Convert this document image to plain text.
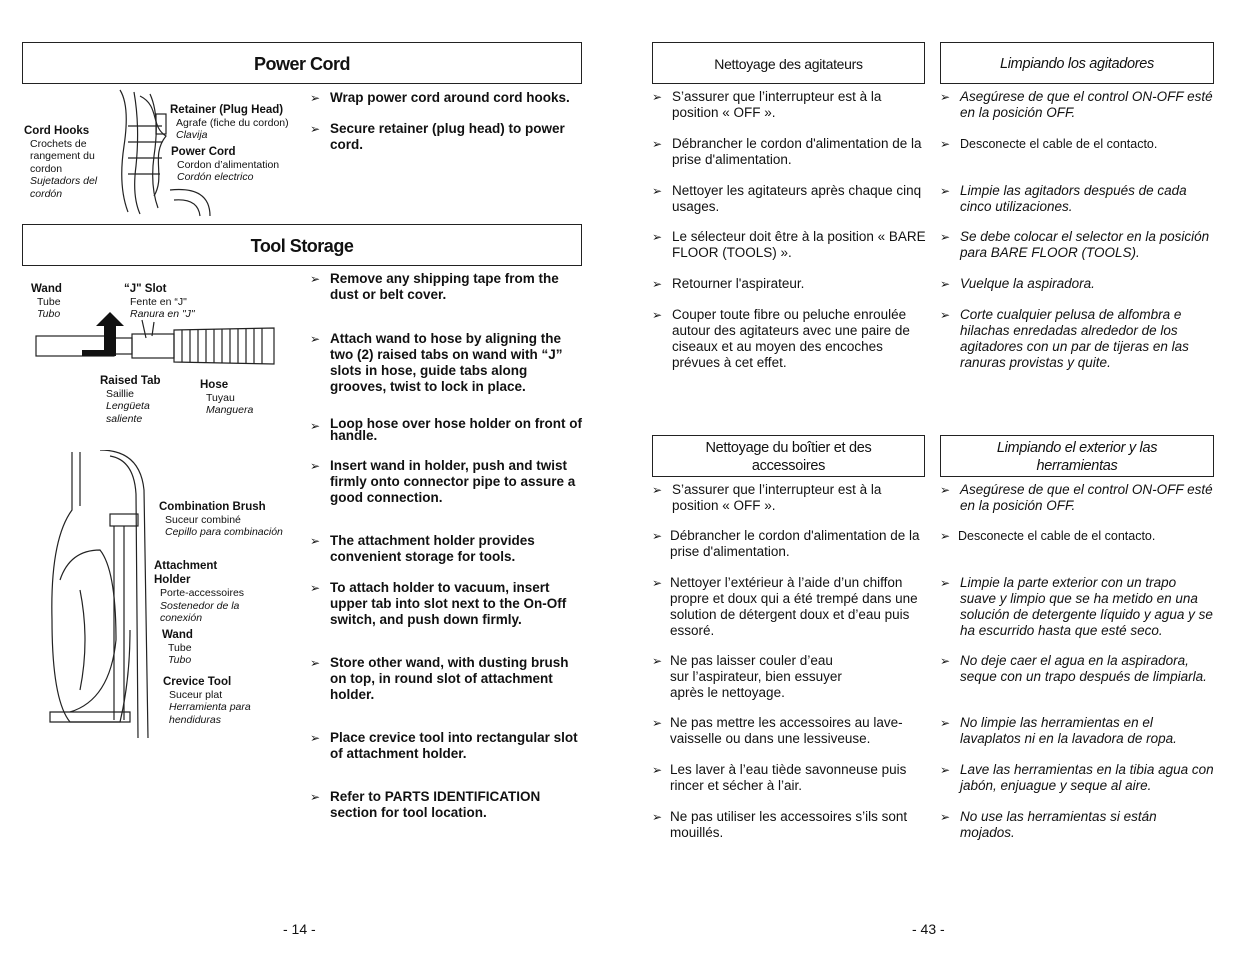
Power Cord
Cord Hooks

Crochets de rangement du cordon
Sujetadors del cordón
Retainer (Plug Head)

Agrafe (fiche du cordon)
Clavija
Power Cord

Cordon d’alimentation
Cordón electrico
➢ Wrap power cord around cord hooks.
➢ Secure retainer (plug head) to power cord.
Tool Storage
Wand
Tube
Tubo
“J" Slot
Fente en “J"
Ranura en "J"
Raised Tab
Saillie
Lengüeta saliente
Hose
Tuyau
Manguera
Combination Brush
Suceur combiné
Cepillo para combinación
Attachment Holder
Porte-accessoires
Sostenedor de la conexión
Wand
Tube
Tubo
Crevice Tool
Suceur plat
Herramienta para hendiduras
➢ Remove any shipping tape from the dust or belt cover.
➢ Attach wand to hose by aligning the two (2) raised tabs on wand with “J” slots in hose, guide tabs along grooves, twist to lock in place.
➢ Loop hose over hose holder on front of handle.
➢ Insert wand in holder, push and twist firmly onto connector pipe to assure a good connection.
➢ The attachment holder provides convenient storage for tools.
➢ To attach holder to vacuum, insert upper tab into slot next to the On-Off switch, and push down firmly.
➢ Store other wand, with dusting brush on top, in round slot of attachment holder.
➢ Place crevice tool into rectangular slot of attachment holder.
➢ Refer to PARTS IDENTIFICATION section for tool location.
- 14 -
Nettoyage des agitateurs	Limpiando los agitadores
➢ S’assurer que l’interrupteur est à la position « OFF ».
➢ Débrancher le cordon d'alimentation de la prise d'alimentation.
➢ Nettoyer les agitateurs après chaque cinq usages.
➢ Le sélecteur doit être à la position « BARE FLOOR (TOOLS) ».
➢ Retourner l'aspirateur.
➢ Couper toute fibre ou peluche enroulée autour des agitateurs avec une paire de ciseaux et au moyen des encoches prévues à cet effet.
➢ Asegúrese de que el control ON-OFF esté en la posición OFF.
➢ Desconecte el cable de el contacto.
➢ Limpie las agitadors después de cada cinco utilizaciones.
➢ Se debe colocar el selector en la posición para BARE FLOOR (TOOLS).
➢ Vuelque la aspiradora.
➢ Corte cualquier pelusa de alfombra e hilachas enredadas alrededor de los agitadores con un par de tijeras en las ranuras provistas y quite.
Nettoyage du boîtier et des accessoires
Limpiando el exterior y las herramientas
➢ S’assurer que l’interrupteur est à la position « OFF ».
➢ Débrancher le cordon d'alimentation de la prise d'alimentation.
➢ Nettoyer l’extérieur à l’aide d’un chiffon propre et doux qui a été trempé dans une solution de détergent doux et d’eau puis essoré.
➢ Ne pas laisser couler d’eau sur l’aspirateur, bien essuyer après le nettoyage.
➢ Ne pas mettre les accessoires au lave-vaisselle ou dans une lessiveuse.
➢ Les laver à l’eau tiède savonneuse puis rincer et sécher à l’air.
➢ Ne pas utiliser les accessoires s’ils sont mouillés.
➢ Asegúrese de que el control ON-OFF esté en la posición OFF.
➢ Desconecte el cable de el contacto.
➢ Limpie la parte exterior con un trapo suave y limpio que se ha metido en una solución de detergente líquido y agua y se ha escurrido hasta que esté seco.
➢ No deje caer el agua en la aspiradora, seque con un trapo después de limpiarla.
➢ No limpie las herramientas en el lavaplatos ni en la lavadora de ropa.
➢ Lave las herramientas en la tibia agua con jabón, enjuague y seque al aire.
➢ No use las herramientas si están mojados.
- 43 -
